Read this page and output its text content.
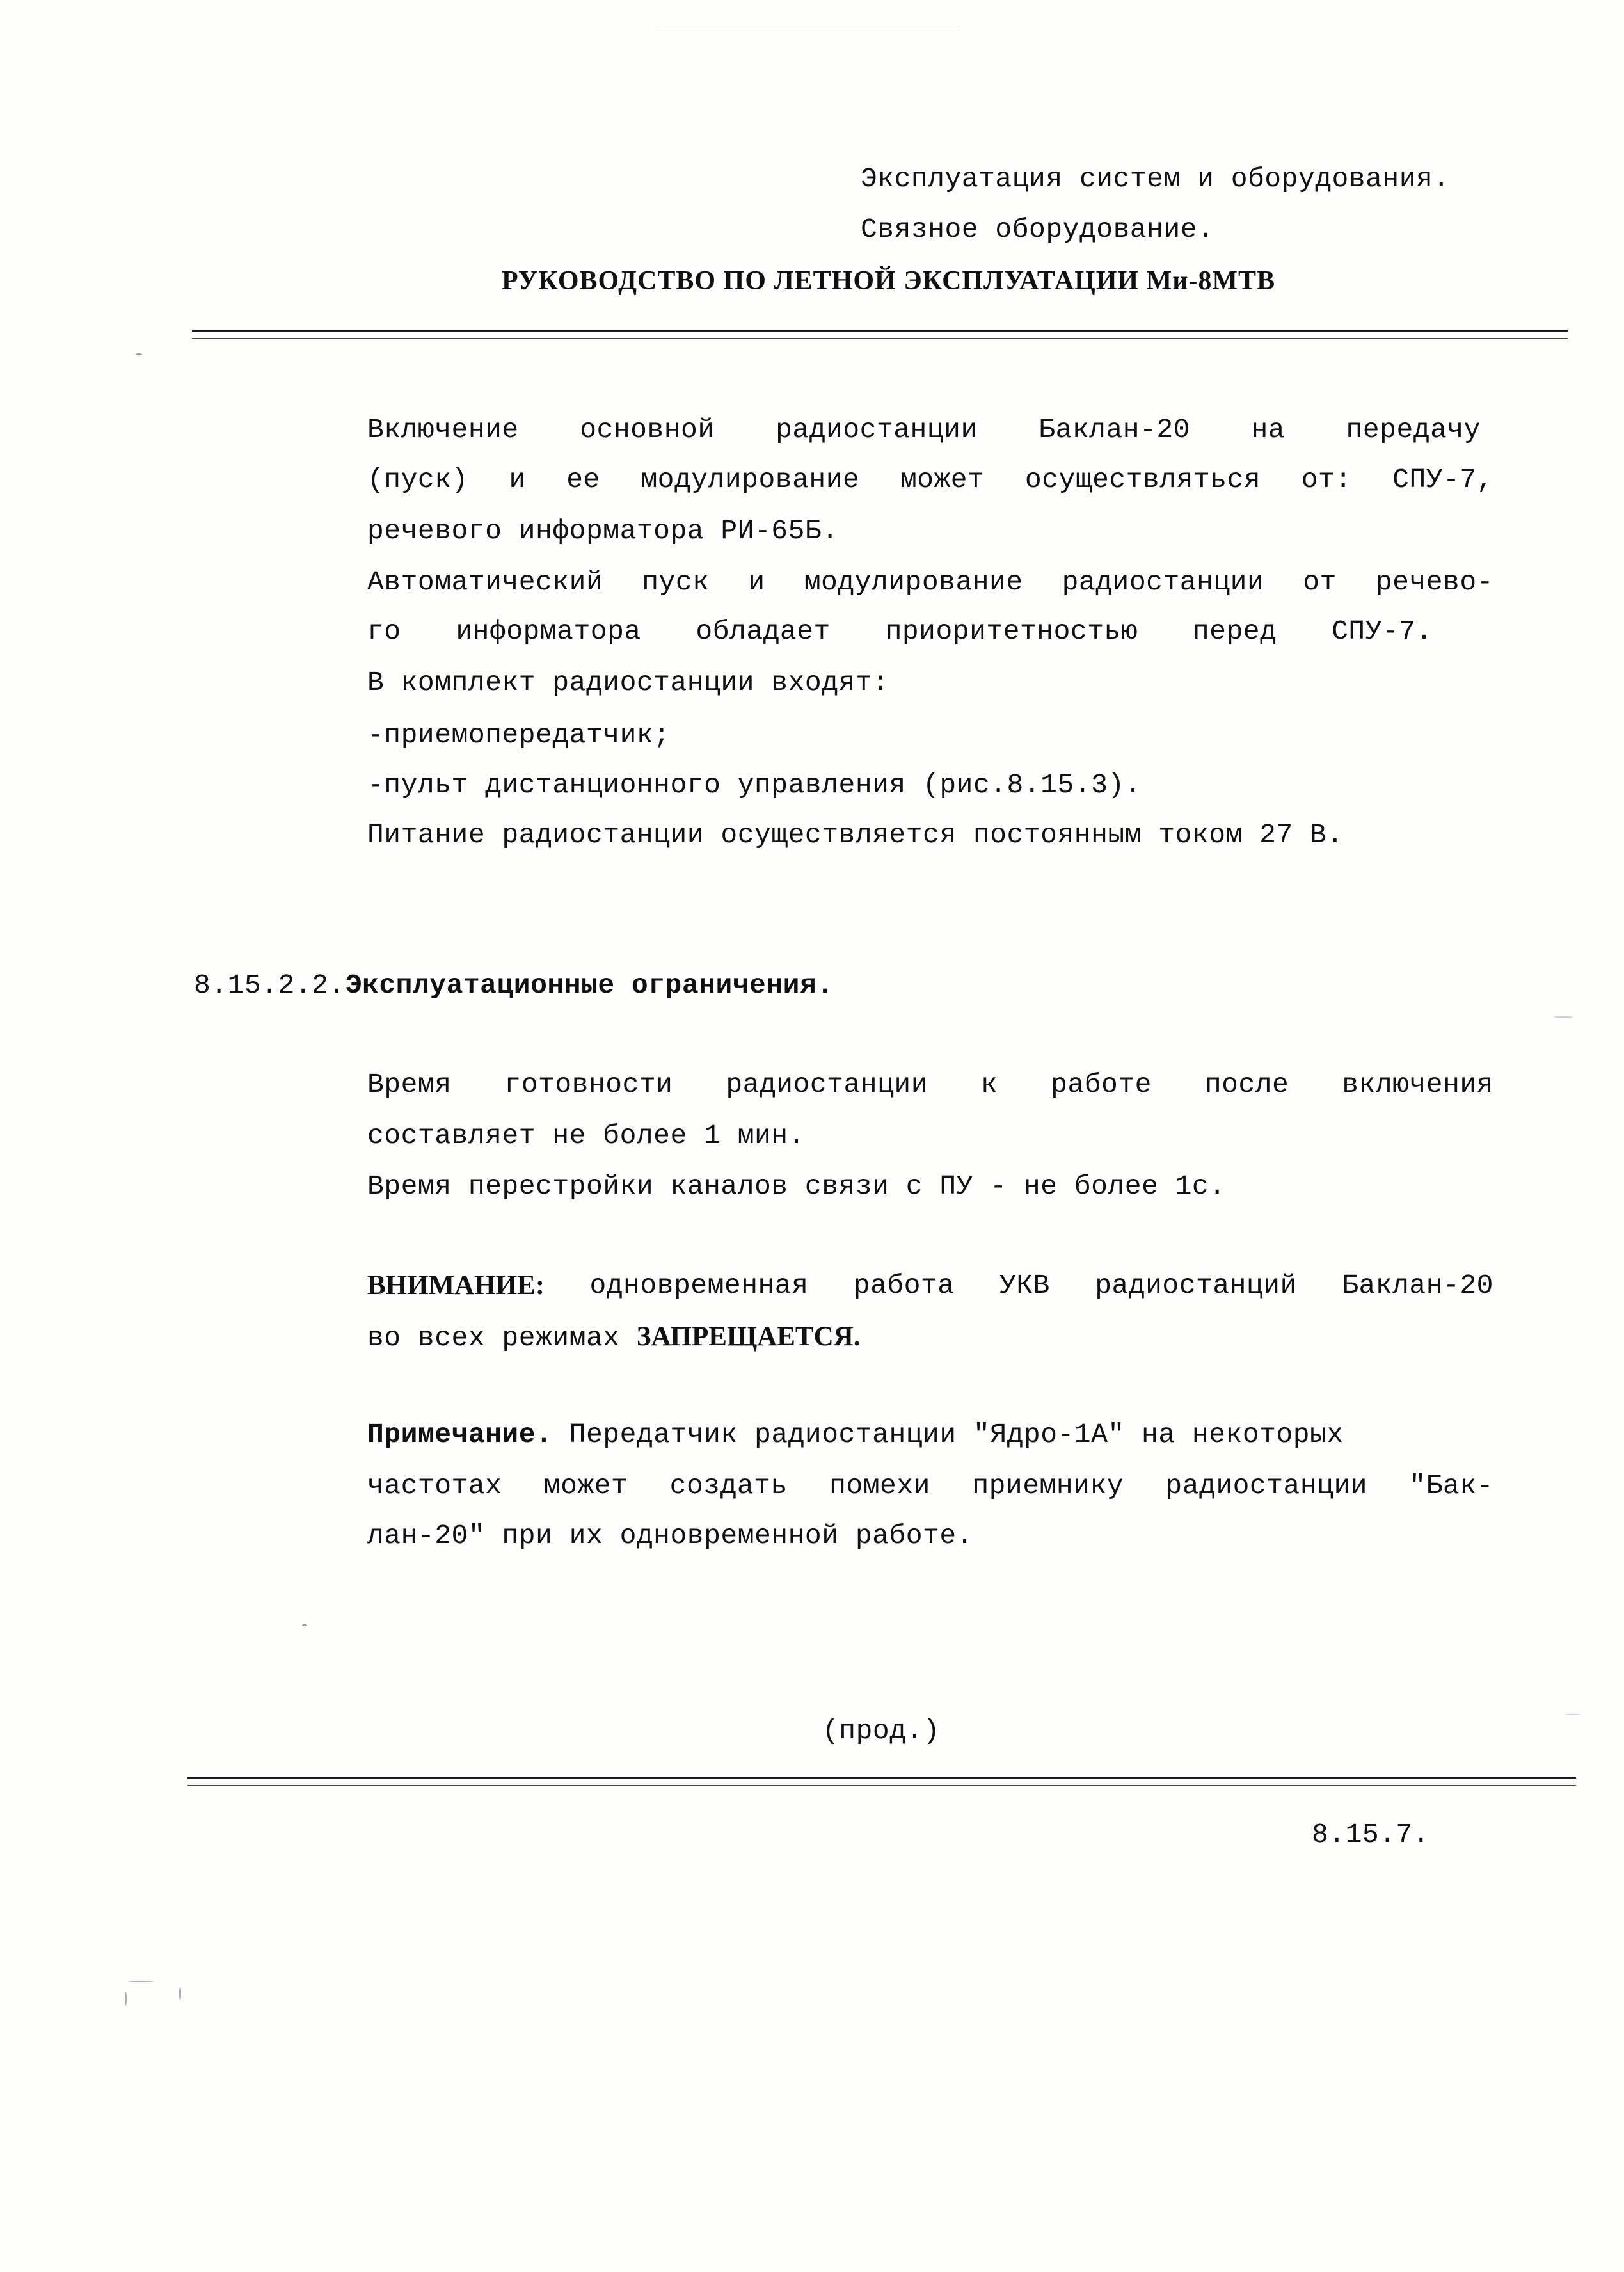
Эксплуатация систем и оборудования.
Связное оборудование.
РУКОВОДСТВО ПО ЛЕТНОЙ ЭКСПЛУАТАЦИИ Ми-8МТВ
Включение основной радиостанции Баклан-20 на передачу
(пуск) и ее модулирование может осуществляться от: СПУ-7,
речевого информатора РИ-65Б.
Автоматический пуск и модулирование радиостанции от речево-
го информатора обладает приоритетностью перед СПУ-7.
В комплект радиостанции входят:
-приемопередатчик;
-пульт дистанционного управления (рис.8.15.3).
Питание радиостанции осуществляется постоянным током 27 В.
8.15.2.2.Эксплуатационные ограничения.
Время готовности радиостанции к работе после включения
составляет не более 1 мин.
Время перестройки каналов связи с ПУ - не более 1с.
ВНИМАНИЕ: одновременная работа УКВ радиостанций Баклан-20
во всех режимах ЗАПРЕЩАЕТСЯ.
Примечание. Передатчик радиостанции "Ядро-1А" на некоторых
частотах может создать помехи приемнику радиостанции "Бак-
лан-20" при их одновременной работе.
(прод.)
8.15.7.
